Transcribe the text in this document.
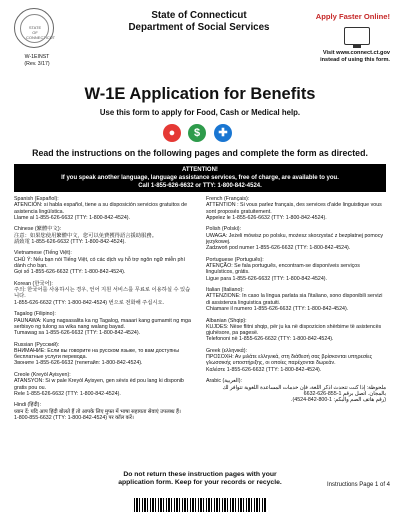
STATE OF CONNECTICUT
W-1EINST
(Rev. 3/17)
State of Connecticut
Department of Social Services
Apply Faster Online!
Visit www.connect.ct.gov
instead of using this form.
W-1E Application for Benefits
Use this form to apply for Food, Cash or Medical help.
●	$	✚
Read the instructions on the following pages and complete the form as directed.
ATTENTION!
If you speak another language, language assistance services, free of charge, are available to you.
Call 1-855-626-6632 or TTY: 1-800-842-4524.
Spanish (Español):
ATENCIÓN: si habla español, tiene a su disposición servicios gratuitos de asistencia lingüística.
Llame al 1-855-626-6632 (TTY: 1-800-842-4524).
Chinese (繁體中文):
注意：如果您使用繁體中文，您可以免費獲得語言援助服務。
請致電 1-855-626-6632 (TTY: 1-800-842-4524).
Vietnamese (Tiếng Việt):
CHÚ Ý: Nếu bạn nói Tiếng Việt, có các dịch vụ hỗ trợ ngôn ngữ miễn phí dành cho bạn.
Gọi số 1-855-626-6632 (TTY: 1-800-842-4524).
Korean (한국어):
주의: 한국어를 사용하시는 경우, 언어 지원 서비스를 무료로 이용하실 수 있습니다.
1-855-626-6632 (TTY: 1-800-842-4524) 번으로 전화해 주십시오.
Tagalog (Filipino):
PAUNAWA: Kung nagsasalita ka ng Tagalog, maaari kang gumamit ng mga serbisyo ng tulong sa wika nang walang bayad.
Tumawag sa 1-855-626-6632 (TTY: 1-800-842-4524).
Russian (Русский):
ВНИМАНИЕ: Если вы говорите на русском языке, то вам доступны бесплатные услуги перевода.
Звоните 1-855-626-6632 (телетайп: 1-800-842-4524).
Creole (Kreyòl Ayisyen):
ATANSYON: Si w pale Kreyòl Ayisyen, gen sèvis èd pou lang ki disponib gratis pou ou.
Rele 1-855-626-6632 (TTY: 1-800-842-4524).
Hindi (हिंदी):
ध्यान दें: यदि आप हिंदी बोलते हैं तो आपके लिए मुफ्त में भाषा सहायता सेवाएं उपलब्ध हैं।
1-800-855-6632 (TTY: 1-800-842-4524) पर कॉल करें।
French (Français):
ATTENTION : Si vous parlez français, des services d'aide linguistique vous sont proposés gratuitement.
Appelez le 1-855-626-6632 (TTY: 1-800-842-4524).
Polish (Polski):
UWAGA: Jeżeli mówisz po polsku, możesz skorzystać z bezpłatnej pomocy językowej.
Zadzwoń pod numer 1-855-626-6632 (TTY: 1-800-842-4524).
Portuguese (Português):
ATENÇÃO: Se fala português, encontram-se disponíveis serviços linguísticos, grátis.
Ligue para 1-855-626-6632 (TTY: 1-800-842-4524).
Italian (Italiano):
ATTENZIONE: In caso la lingua parlata sia l'italiano, sono disponibili servizi di assistenza linguistica gratuiti.
Chiamare il numero 1-855-626-6632 (TTY: 1-800-842-4524).
Albanian (Shqip):
KUJDES: Nëse flitni shqip, për ju ka në dispozicion shërbime të asistencës gjuhësore, pa pagesë.
Telefononi në 1-855-626-6632 (TTY: 1-800-842-4524).
Greek (ελληνικά):
ΠΡΟΣΟΧΗ: Αν μιλάτε ελληνικά, στη διάθεσή σας βρίσκονται υπηρεσίες γλωσσικής υποστήριξης, οι οποίες παρέχονται δωρεάν.
Καλέστε 1-855-626-6632 (TTY: 1-800-842-4524).
Arabic (العربية):
ملحوظة: إذا كنت تتحدث اذكر اللغة، فإن خدمات المساعدة اللغوية تتوافر لك بالمجان. اتصل برقم 1-855-626-6632
(رقم هاتف الصم والبكم: 1-800-842-4524).
Do not return these instruction pages with your
application form. Keep for your records or recycle.	Instructions Page 1 of 4
